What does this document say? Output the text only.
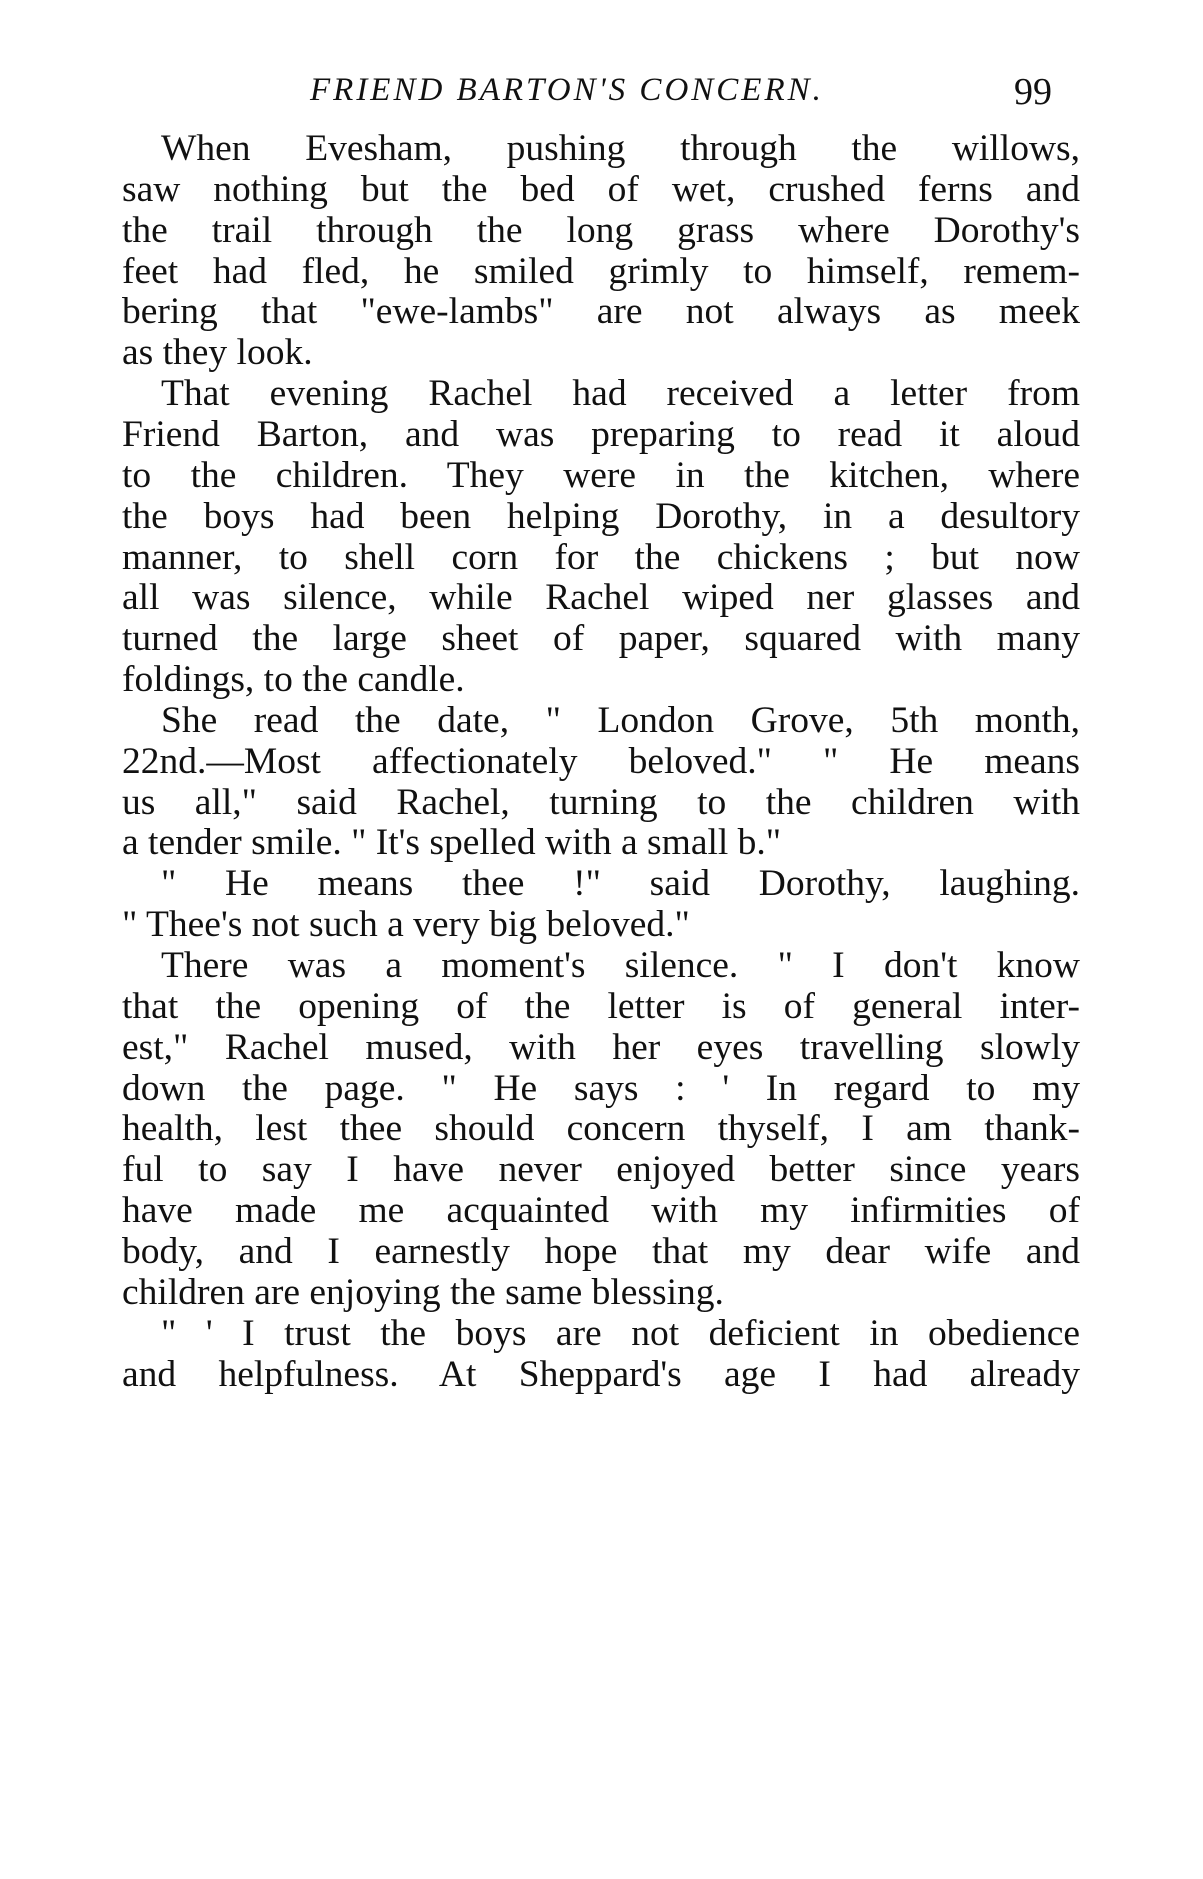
FRIEND BARTON'S CONCERN.	99
When Evesham, pushing through the willows,
saw nothing but the bed of wet, crushed ferns and
the trail through the long grass where Dorothy's
feet had fled, he smiled grimly to himself, remem-
bering that "ewe-lambs" are not always as meek
as they look.
That evening Rachel had received a letter from
Friend Barton, and was preparing to read it aloud
to the children. They were in the kitchen, where
the boys had been helping Dorothy, in a desultory
manner, to shell corn for the chickens ; but now
all was silence, while Rachel wiped ner glasses and
turned the large sheet of paper, squared with many
foldings, to the candle.
She read the date, " London Grove, 5th month,
22nd.—Most affectionately beloved." " He means
us all," said Rachel, turning to the children with
a tender smile. " It's spelled with a small b."
" He means thee !" said Dorothy, laughing.
" Thee's not such a very big beloved."
There was a moment's silence. " I don't know
that the opening of the letter is of general inter-
est," Rachel mused, with her eyes travelling slowly
down the page. " He says : ' In regard to my
health, lest thee should concern thyself, I am thank-
ful to say I have never enjoyed better since years
have made me acquainted with my infirmities of
body, and I earnestly hope that my dear wife and
children are enjoying the same blessing.
" ' I trust the boys are not deficient in obedience
and helpfulness. At Sheppard's age I had already
